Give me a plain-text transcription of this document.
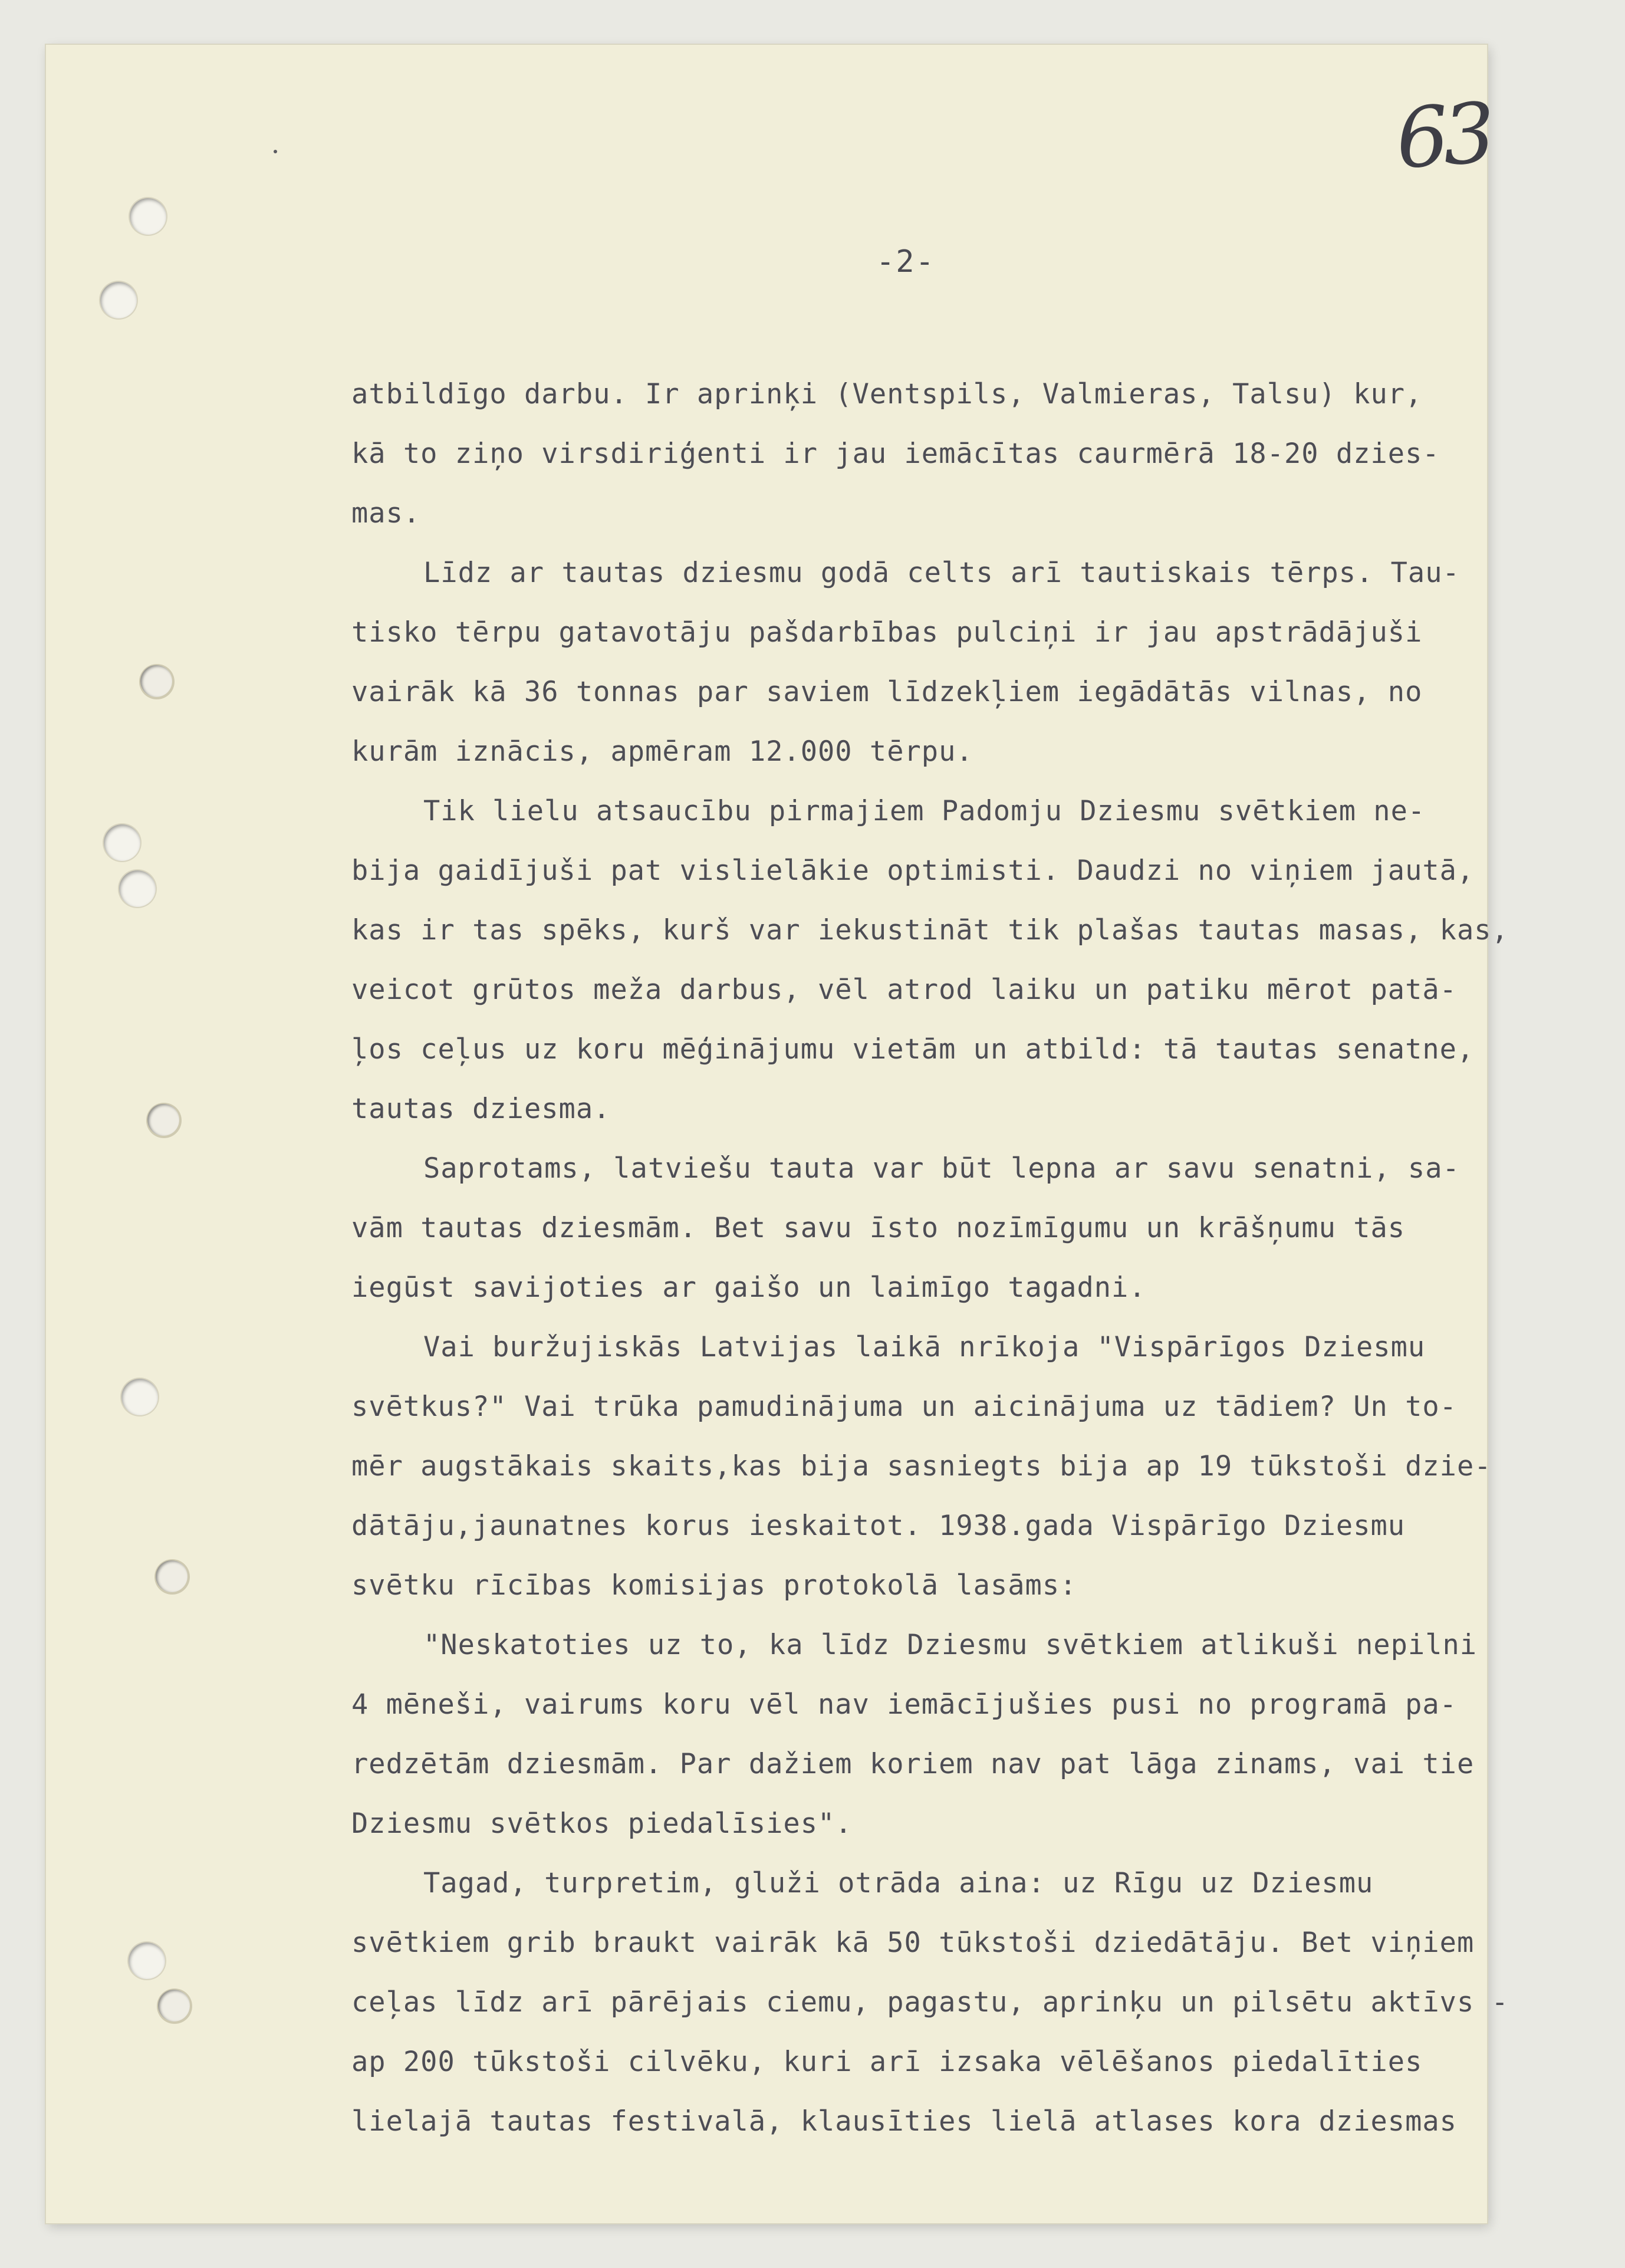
63
-2-
atbildīgo darbu. Ir aprinķi (Ventspils, Valmieras, Talsu) kur,
kā to ziņo virsdiriģenti ir jau iemācītas caurmērā 18-20 dzies-
mas.
Līdz ar tautas dziesmu godā celts arī tautiskais tērps. Tau-
tisko tērpu gatavotāju pašdarbības pulciņi ir jau apstrādājuši
vairāk kā 36 tonnas par saviem līdzekļiem iegādātās vilnas, no
kurām iznācis, apmēram 12.000 tērpu.
Tik lielu atsaucību pirmajiem Padomju Dziesmu svētkiem ne-
bija gaidījuši pat vislielākie optimisti. Daudzi no viņiem jautā,
kas ir tas spēks, kurš var iekustināt tik plašas tautas masas, kas,
veicot grūtos meža darbus, vēl atrod laiku un patiku mērot patā-
ļos ceļus uz koru mēģinājumu vietām un atbild: tā tautas senatne,
tautas dziesma.
Saprotams, latviešu tauta var būt lepna ar savu senatni, sa-
vām tautas dziesmām. Bet savu īsto nozīmīgumu un krāšņumu tās
iegūst savijoties ar gaišo un laimīgo tagadni.
Vai buržujiskās Latvijas laikā nrīkoja "Vispārīgos Dziesmu
svētkus?" Vai trūka pamudinājuma un aicinājuma uz tādiem? Un to-
mēr augstākais skaits,kas bija sasniegts bija ap 19 tūkstoši dzie-
dātāju,jaunatnes korus ieskaitot. 1938.gada Vispārīgo Dziesmu
svētku rīcības komisijas protokolā lasāms:
"Neskatoties uz to, ka līdz Dziesmu svētkiem atlikuši nepilni
4 mēneši, vairums koru vēl nav iemācījušies pusi no programā pa-
redzētām dziesmām. Par dažiem koriem nav pat lāga zinams, vai tie
Dziesmu svētkos piedalīsies".
Tagad, turpretim, gluži otrāda aina: uz Rīgu uz Dziesmu
svētkiem grib braukt vairāk kā 50 tūkstoši dziedātāju. Bet viņiem
ceļas līdz arī pārējais ciemu, pagastu, aprinķu un pilsētu aktīvs -
ap 200 tūkstoši cilvēku, kuri arī izsaka vēlēšanos piedalīties
lielajā tautas festivalā, klausīties lielā atlases kora dziesmas
